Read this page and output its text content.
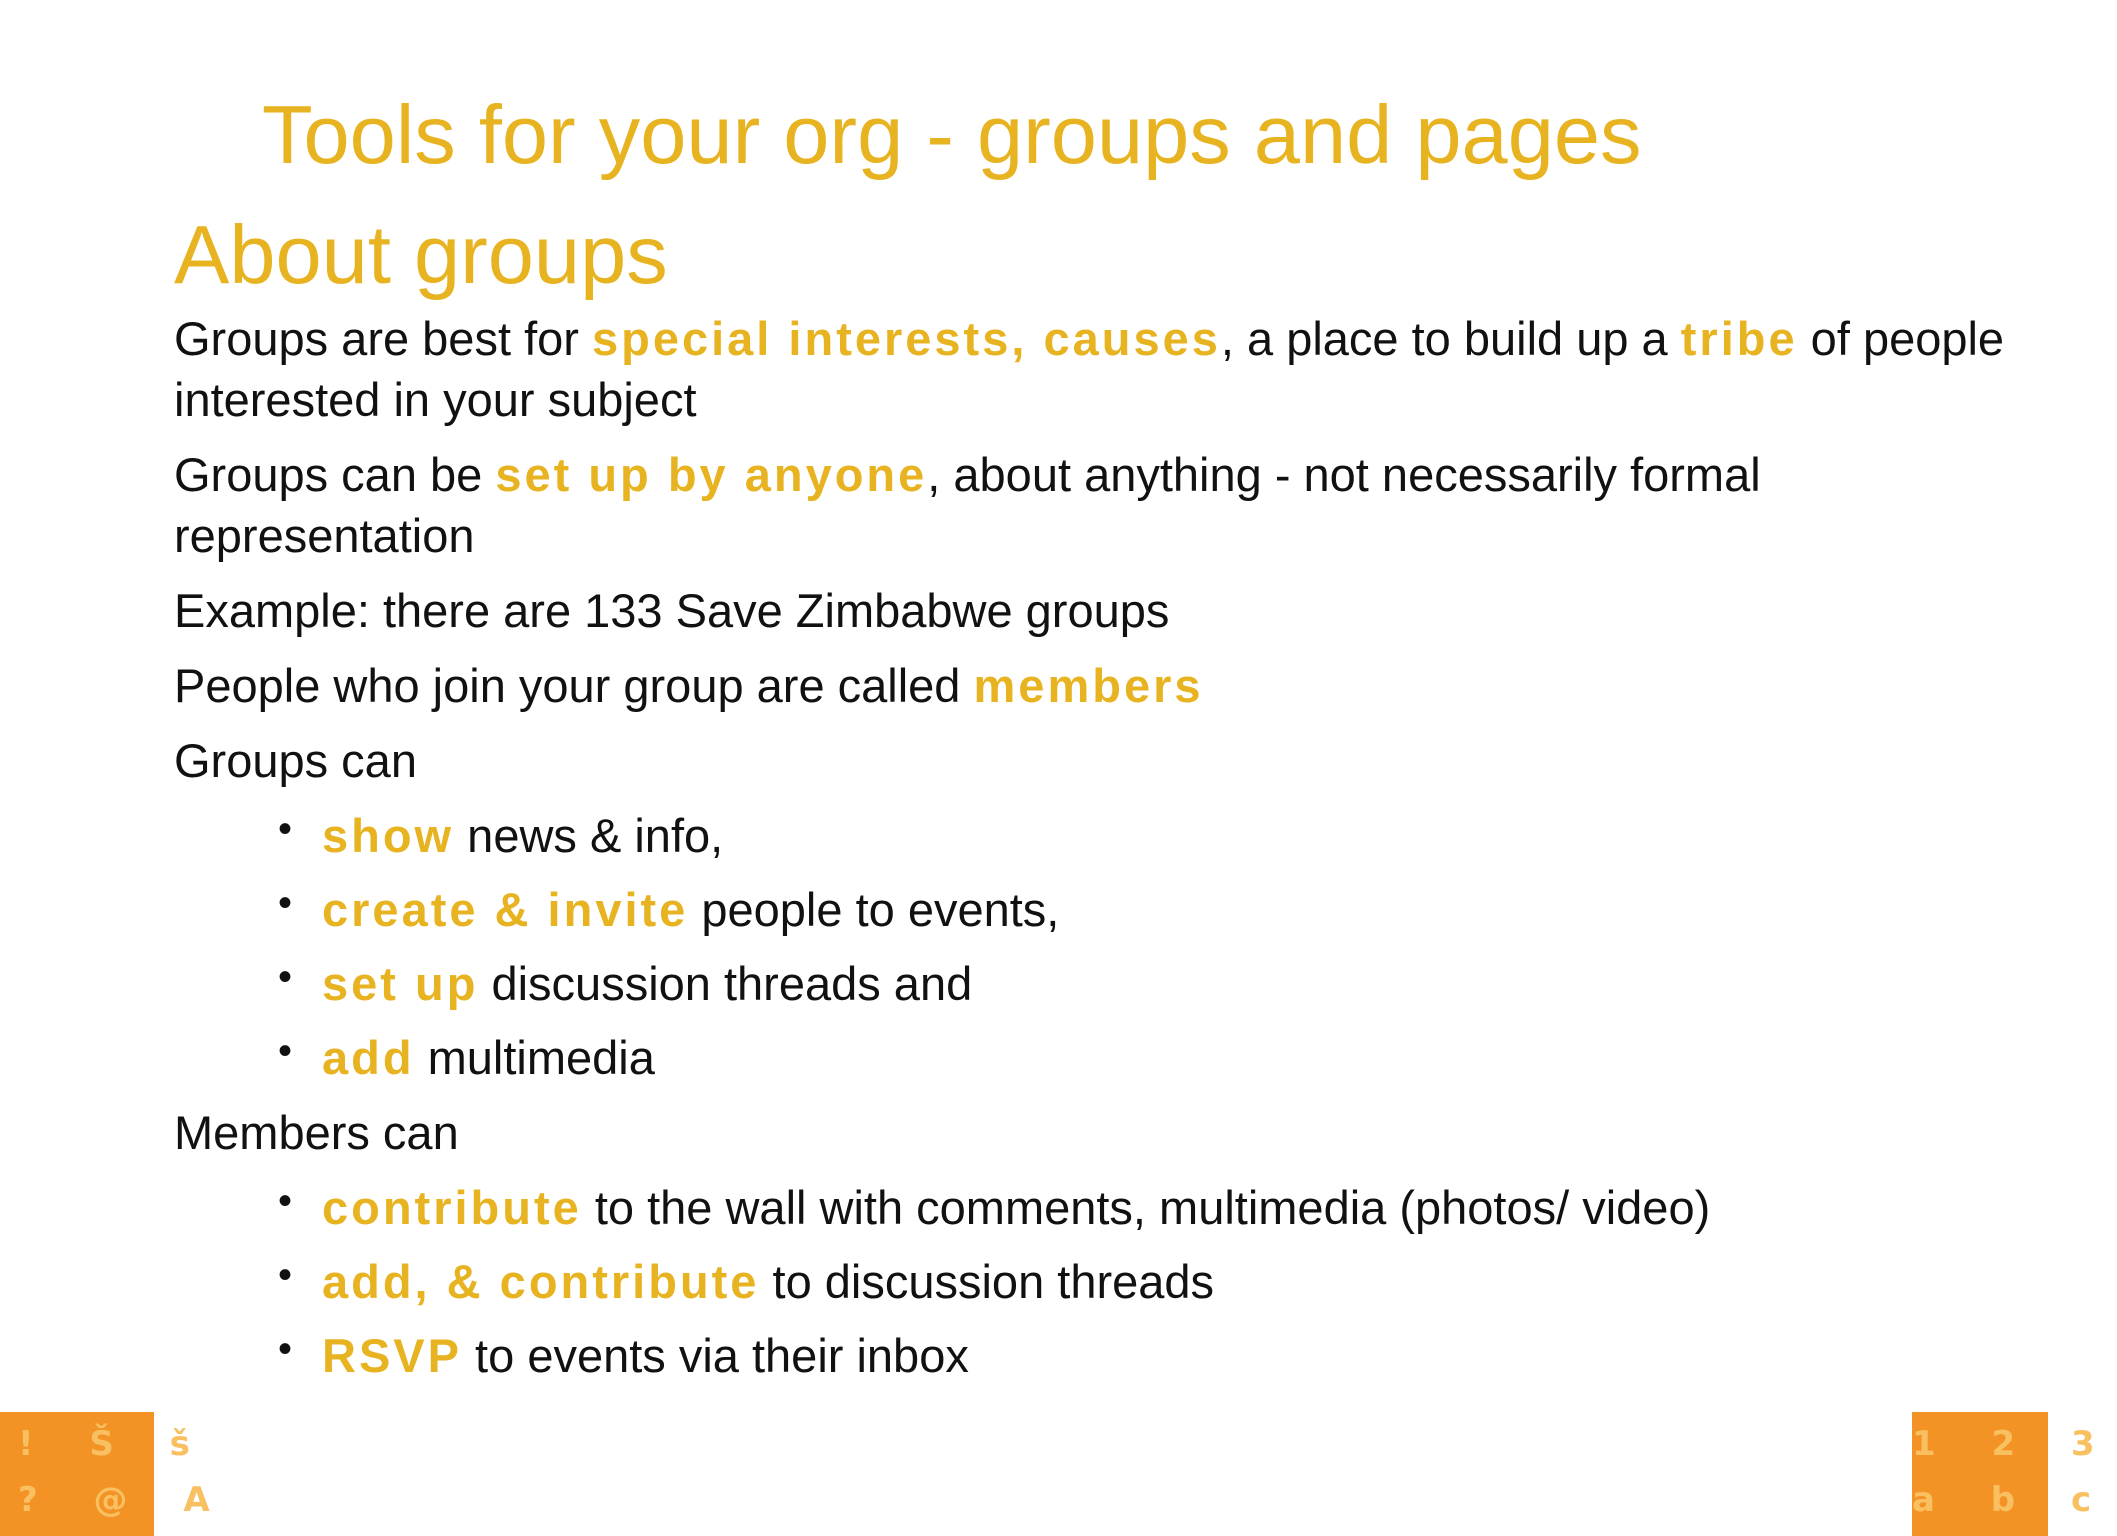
Tools for your org - groups and pages
About groups

Groups are best for special interests, causes, a place to build up a tribe of people interested in your subject

Groups can be set up by anyone, about anything - not necessarily formal representation

Example: there are 133 Save Zimbabwe groups

People who join your group are called members

Groups can

• show news & info,
• create & invite people to events,
• set up discussion threads and
• add multimedia

Members can

• contribute to the wall with comments, multimedia (photos/ video)
• add, & contribute to discussion threads
• RSVP to events via their inbox
! Š š
? @ A
1 2 3
a b c
